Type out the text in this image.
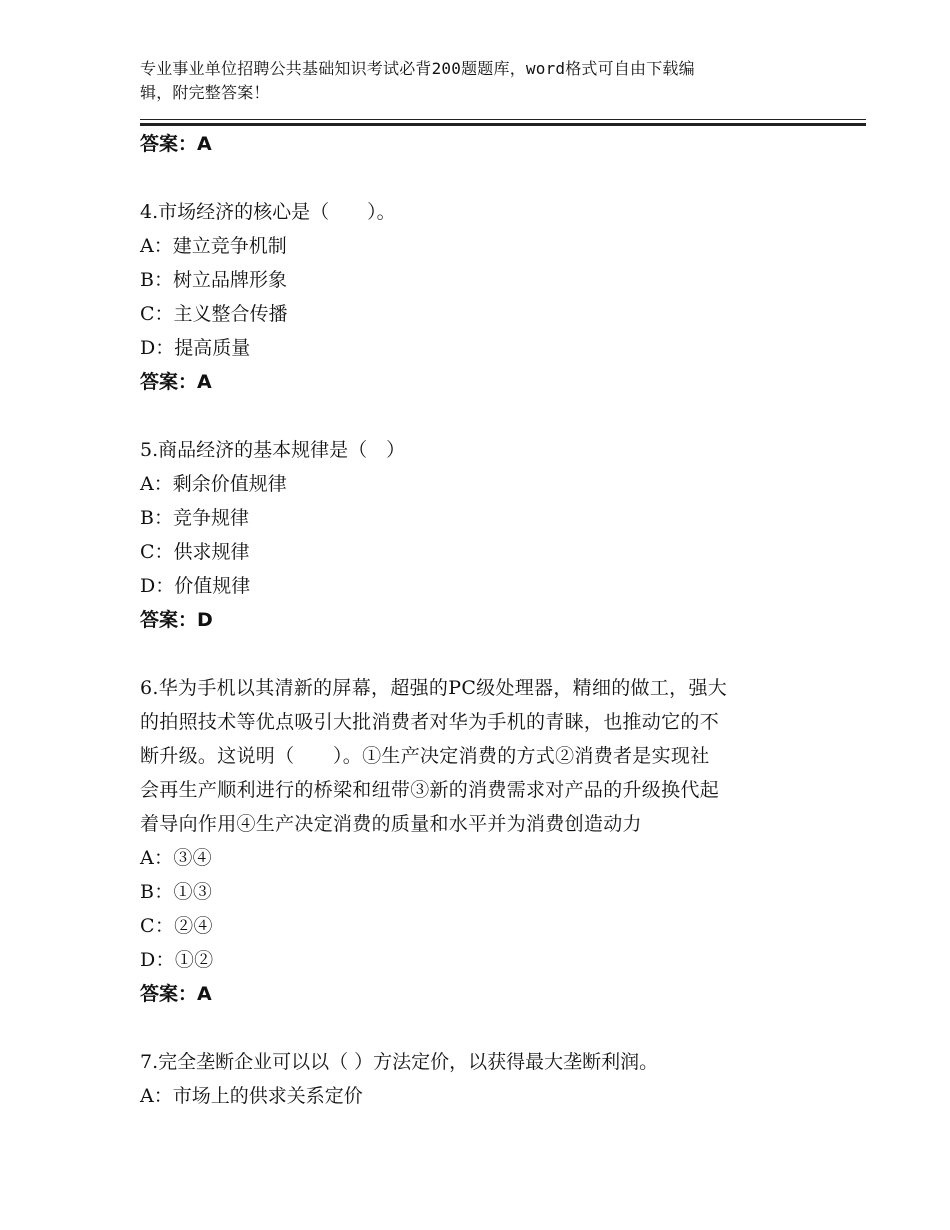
专业事业单位招聘公共基础知识考试必背200题题库，word格式可自由下载编
辑，附完整答案！
答案：A
4.市场经济的核心是（　　）。
A：建立竞争机制
B：树立品牌形象
C：主义整合传播
D：提高质量
答案：A
5.商品经济的基本规律是（　）
A：剩余价值规律
B：竞争规律
C：供求规律
D：价值规律
答案：D
6.华为手机以其清新的屏幕，超强的PC级处理器，精细的做工，强大
的拍照技术等优点吸引大批消费者对华为手机的青睐，也推动它的不
断升级。这说明（　　）。①生产决定消费的方式②消费者是实现社
会再生产顺利进行的桥梁和纽带③新的消费需求对产品的升级换代起
着导向作用④生产决定消费的质量和水平并为消费创造动力
A：③④
B：①③
C：②④
D：①②
答案：A
7.完全垄断企业可以以（ ）方法定价，以获得最大垄断利润。
A：市场上的供求关系定价
